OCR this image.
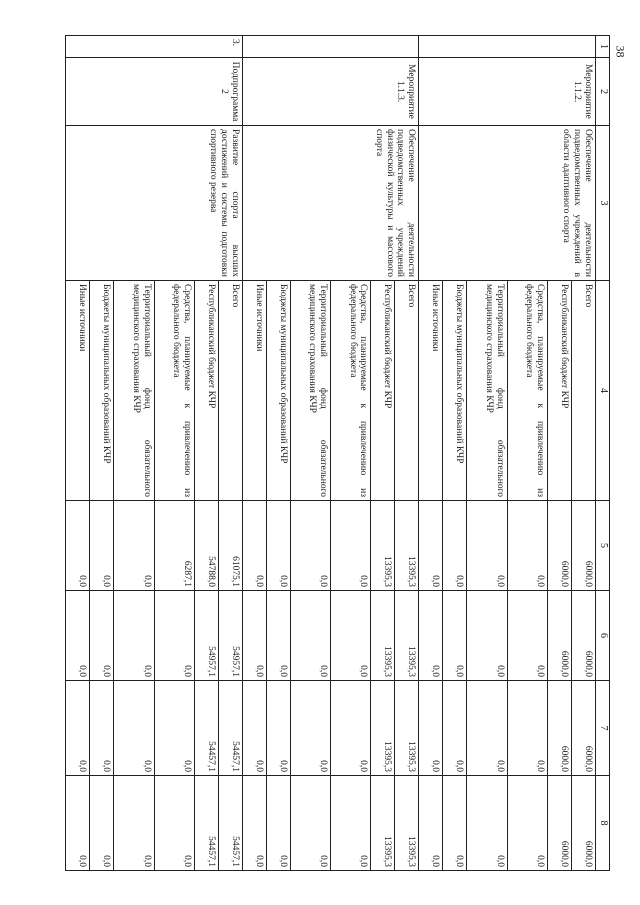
38
1	2	3	4	5	6	7	8
	Мероприятие 1.1.2.	Обеспечение деятельности подведомственных учреждений в области адаптивного спорта	Всего	6000,0	6000,0	6000,0	6000,0
			Республиканский бюджет КЧР	6000,0	6000,0	6000,0	6000,0
			Средства, планируемые к привлечению из федерального бюджета	0,0	0,0	0,0	0,0
			Территориальный фонд обязательного медицинского страхования КЧР	0,0	0,0	0,0	0,0
			Бюджеты муниципальных образований КЧР	0,0	0,0	0,0	0,0
			Иные источники	0,0	0,0	0,0	0,0
	Мероприятие 1.1.3.	Обеспечение деятельности подведомственных учреждений физической культуры и массового спорта	Всего	13395,3	13395,3	13395,3	13395,3
			Республиканский бюджет КЧР	13395,3	13395,3	13395,3	13395,3
			Средства, планируемые к привлечению из федерального бюджета	0,0	0,0	0,0	0,0
			Территориальный фонд обязательного медицинского страхования КЧР	0,0	0,0	0,0	0,0
			Бюджеты муниципальных образований КЧР	0,0	0,0	0,0	0,0
			Иные источники	0,0	0,0	0,0	0,0
3.	Подпрограмма 2	Развитие спорта высших достижений и системы подготовки спортивного резерва	Всего	61075,1	54957,1	54457,1	54457,1
			Республиканский бюджет КЧР	54788,0	54957,1	54457,1	54457,1
			Средства, планируемые к привлечению из федерального бюджета	6287,1	0,0	0,0	0,0
			Территориальный фонд обязательного медицинского страхования КЧР	0,0	0,0	0,0	0,0
			Бюджеты муниципальных образований КЧР	0,0	0,0	0,0	0,0
			Иные источники	0,0	0,0	0,0	0,0
